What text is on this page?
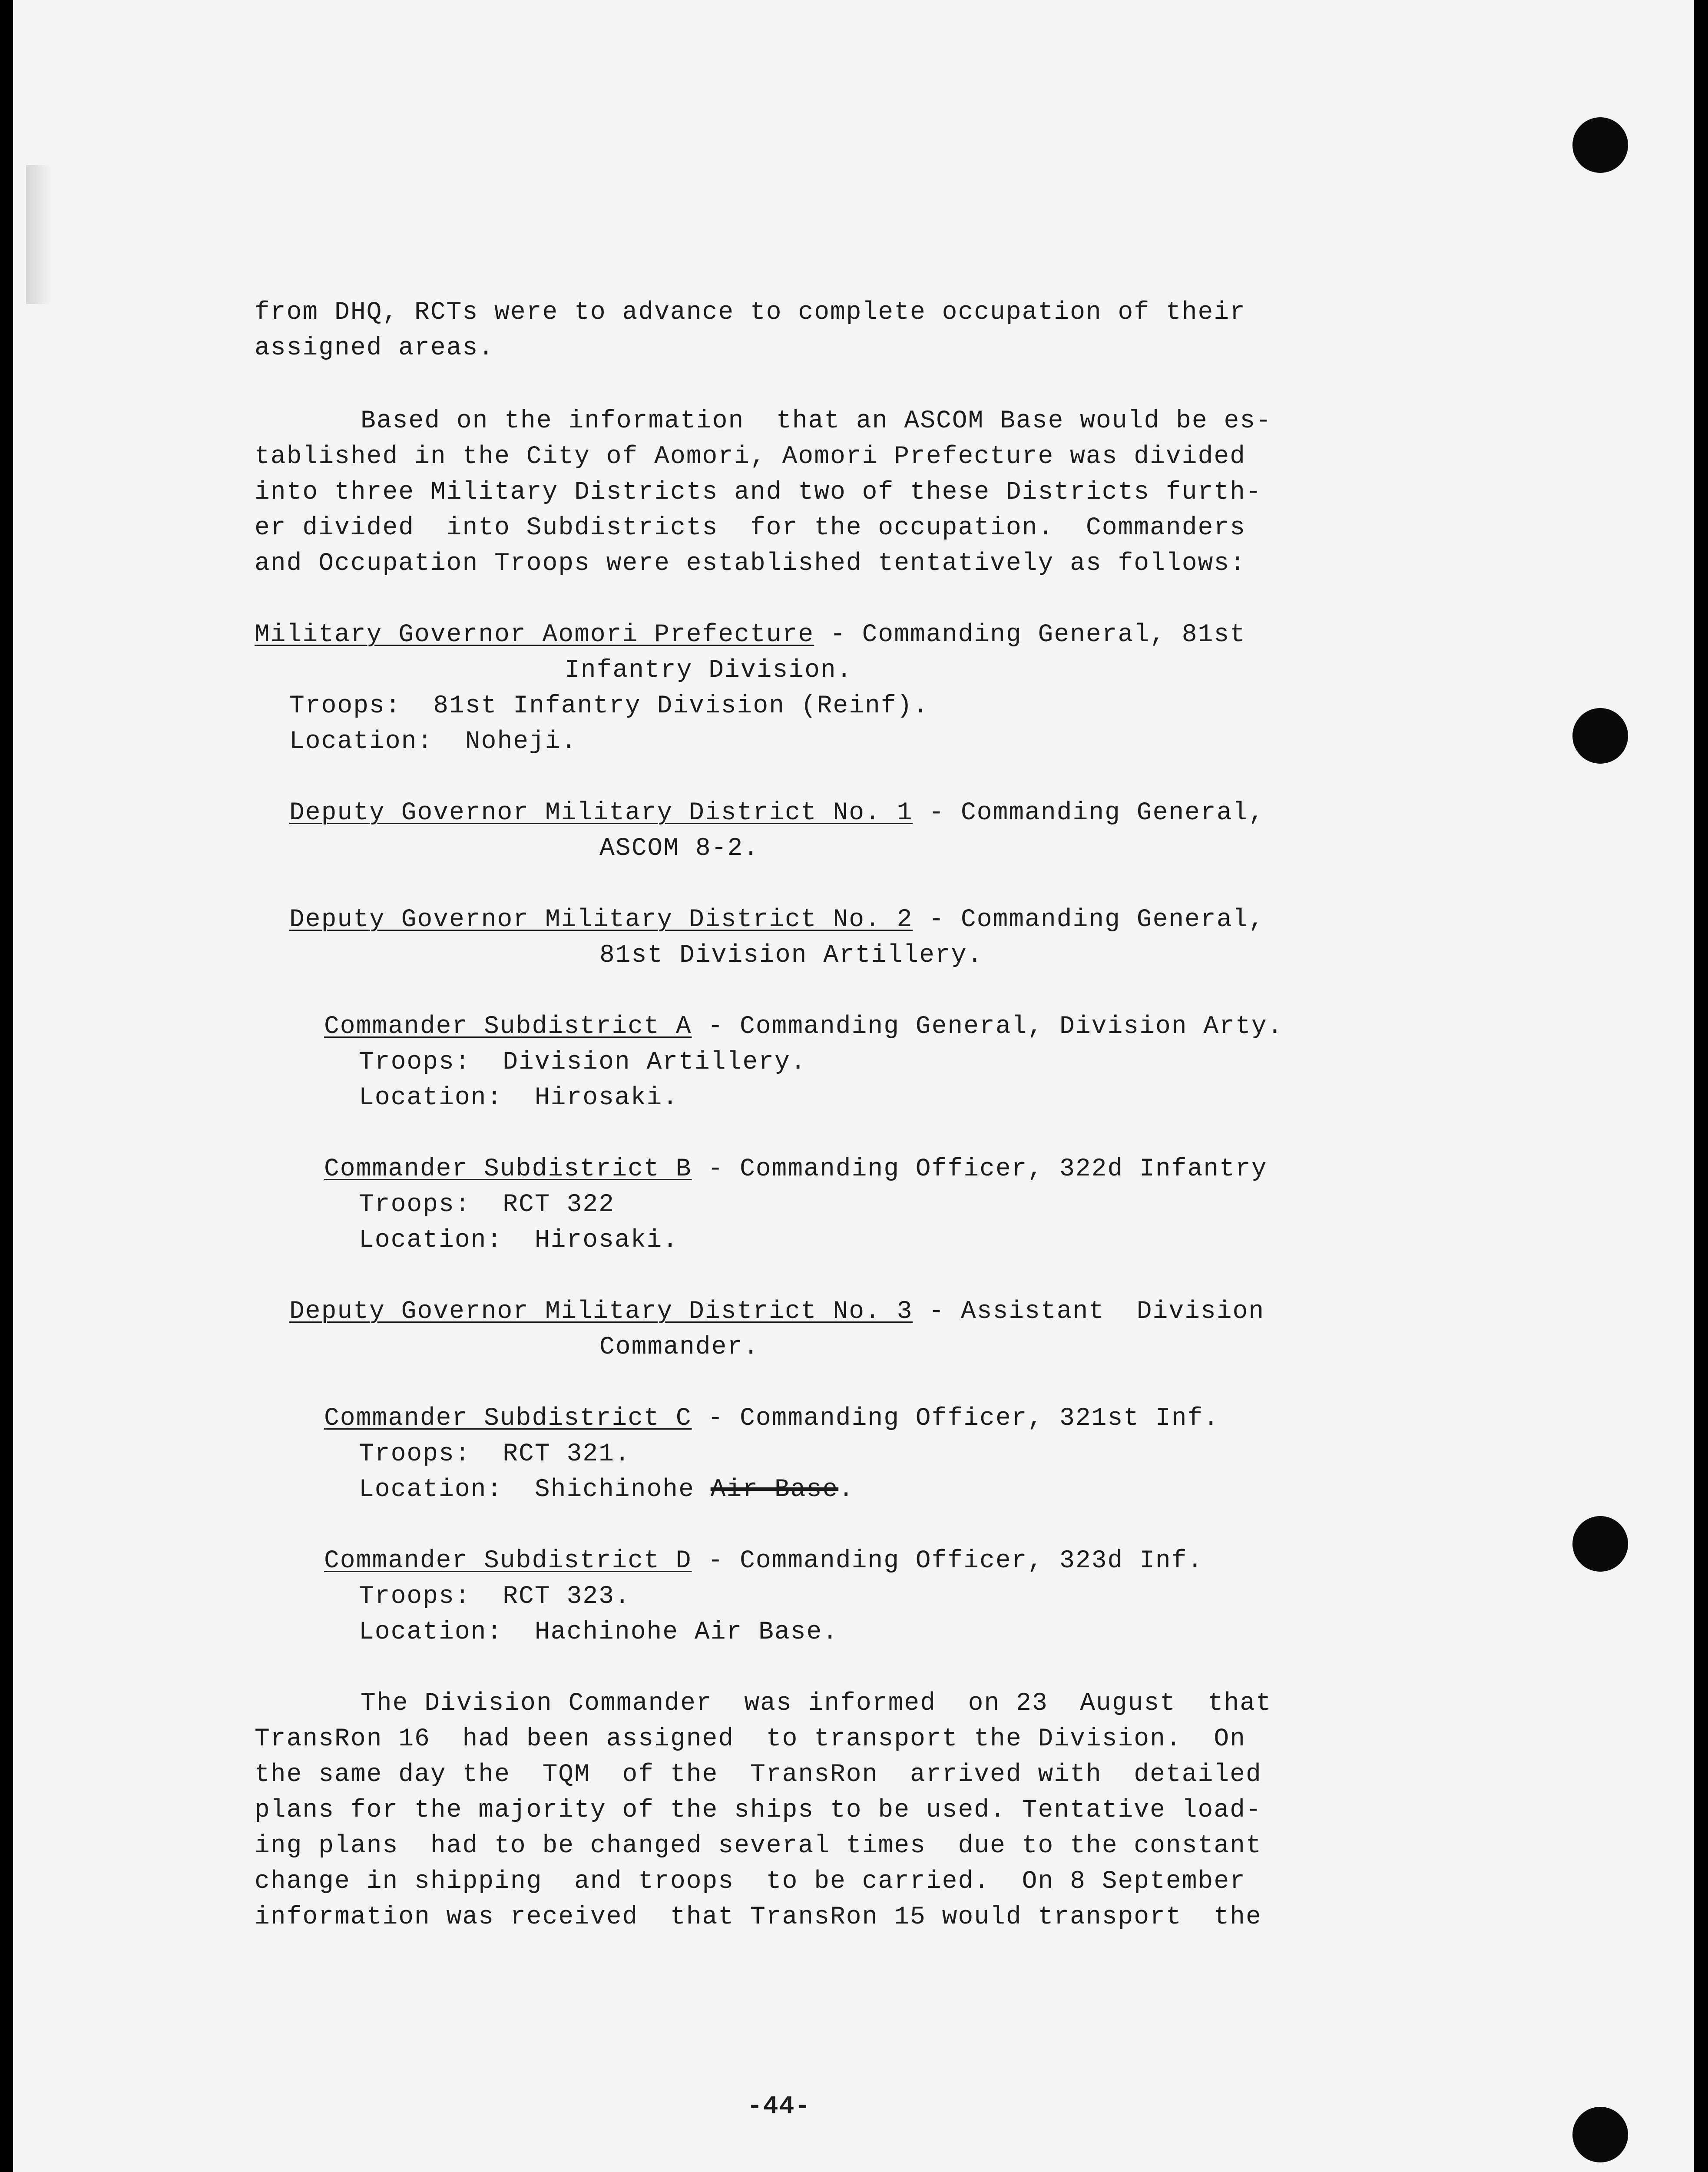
from DHQ, RCTs were to advance to complete occupation of their
assigned areas.
Based on the information  that an ASCOM Base would be es-
tablished in the City of Aomori, Aomori Prefecture was divided
into three Military Districts and two of these Districts furth-
er divided  into Subdistricts  for the occupation.  Commanders
and Occupation Troops were established tentatively as follows:
Military Governor Aomori Prefecture - Commanding General, 81st
Infantry Division.
Troops:  81st Infantry Division (Reinf).
Location:  Noheji.
Deputy Governor Military District No. 1 - Commanding General,
ASCOM 8-2.
Deputy Governor Military District No. 2 - Commanding General,
81st Division Artillery.
Commander Subdistrict A - Commanding General, Division Arty.
Troops:  Division Artillery.
Location:  Hirosaki.
Commander Subdistrict B - Commanding Officer, 322d Infantry
Troops:  RCT 322
Location:  Hirosaki.
Deputy Governor Military District No. 3 - Assistant  Division
Commander.
Commander Subdistrict C - Commanding Officer, 321st Inf.
Troops:  RCT 321.
Location:  Shichinohe Air Base.
Commander Subdistrict D - Commanding Officer, 323d Inf.
Troops:  RCT 323.
Location:  Hachinohe Air Base.
The Division Commander  was informed  on 23  August  that
TransRon 16  had been assigned  to transport the Division.  On
the same day the  TQM  of the  TransRon  arrived with  detailed
plans for the majority of the ships to be used. Tentative load-
ing plans  had to be changed several times  due to the constant
change in shipping  and troops  to be carried.  On 8 September
information was received  that TransRon 15 would transport  the
-44-
